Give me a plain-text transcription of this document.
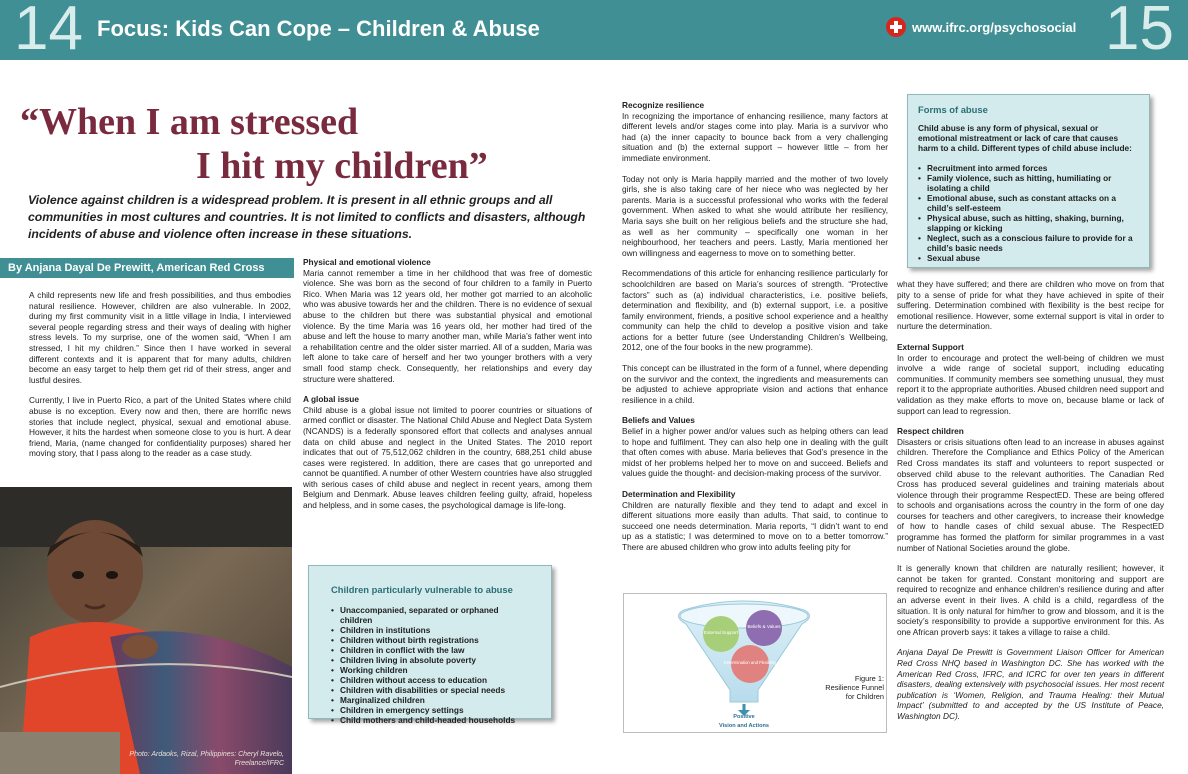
14 Focus: Kids Can Cope – Children & Abuse	www.ifrc.org/psychosocial 15
“When I am stressed
I hit my children”

Violence against children is a widespread problem. It is present in all ethnic groups and all communities in most cultures and countries. It is not limited to conflicts and disasters, although incidents of abuse and violence often increase in these situations.

By Anjana Dayal De Prewitt, American Red Cross

A child represents new life and fresh possibilities, and thus embodies natural resilience. However, children are also vulnerable. In 2002, during my first community visit in a little village in India, I interviewed several people regarding stress and their ways of dealing with higher stress levels. To my surprise, one of the women said, “When I am stressed, I hit my children.” Since then I have worked in several different contexts and it is apparent that for many adults, children become an easy target to help them get rid of their stress, anger and lustful desires.

Currently, I live in Puerto Rico, a part of the United States where child abuse is no exception. Every now and then, there are horrific news stories that include neglect, physical, sexual and emotional abuse. However, it hits the hardest when someone close to you is hurt. A dear friend, Maria, (name changed for confidentiality purposes) shared her moving story, that I pass along to the reader as a case study.

Photo: Ardaoks, Rizal, Philippines: Cheryl Ravelo,
Freelance/IFRC

Physical and emotional violence
Maria cannot remember a time in her childhood that was free of domestic violence. She was born as the second of four children to a family in Puerto Rico. When Maria was 12 years old, her mother got married to an alcoholic who was abusive towards her and the children. There is no evidence of sexual abuse to the children but there was substantial physical and emotional violence. By the time Maria was 16 years old, her mother had tired of the abuse and left the house to marry another man, while Maria’s father went into a rehabilitation centre and the older sister married. All of a sudden, Maria was left alone to take care of herself and her two younger brothers with a very small food stamp check. Consequently, her relationships and every day structure were shattered.

A global issue
Child abuse is a global issue not limited to poorer countries or situations of armed conflict or disaster. The National Child Abuse and Neglect Data System (NCANDS) is a federally sponsored effort that collects and analyses annual data on child abuse and neglect in the United States. The 2010 report indicates that out of 75,512,062 children in the country, 688,251 child abuse cases were registered. In addition, there are cases that go unreported and cannot be quantified. A number of other Western countries have also struggled with serious cases of child abuse and neglect in recent years, among them Belgium and Denmark. Abuse leaves children feeling guilty, afraid, hopeless and helpless, and in some cases, the psychological damage is life-long.

Children particularly vulnerable to abuse
• Unaccompanied, separated or orphaned children
• Children in institutions
• Children without birth registrations
• Children in conflict with the law
• Children living in absolute poverty
• Working children
• Children without access to education
• Children with disabilities or special needs
• Marginalized children
• Children in emergency settings
• Child mothers and child-headed households

Recognize resilience
In recognizing the importance of enhancing resilience, many factors at different levels and/or stages come into play. Maria is a survivor who had (a) the inner capacity to bounce back from a very challenging situation and (b) the external support – however little – from her immediate environment.

Today not only is Maria happily married and the mother of two lovely girls, she is also taking care of her niece who was neglected by her parents. Maria is a successful professional who works with the federal government. When asked to what she would attribute her resiliency, Maria says she built on her religious beliefs and the structure she had, as well as her community – specifically one woman in her neighbourhood, her teachers and peers. Lastly, Maria mentioned her own willingness and eagerness to move on to something better.

Recommendations of this article for enhancing resilience particularly for schoolchildren are based on Maria’s sources of strength. “Protective factors” such as (a) individual characteristics, i.e. positive beliefs, determination and flexibility, and (b) external support, i.e. a positive family environment, friends, a positive school experience and a healthy community can help the child to develop a positive vision and take actions for a better future (see Understanding Children’s Wellbeing, 2012, one of the four books in the new programme).

This concept can be illustrated in the form of a funnel, where depending on the survivor and the context, the ingredients and measurements can be adjusted to achieve appropriate vision and actions that enhance resilience in a child.

Beliefs and Values
Belief in a higher power and/or values such as helping others can lead to hope and fulfilment. They can also help one in dealing with the guilt that often comes with abuse. Maria believes that God’s presence in the midst of her problems helped her to move on and succeed. Beliefs and values guide the thought- and decision-making process of the survivor.

Determination and Flexibility
Children are naturally flexible and they tend to adapt and excel in different situations more easily than adults. That said, to continue to succeed one needs determination. Maria reports, “I didn’t want to end up as a statistic; I was determined to move on to a better tomorrow.” There are abused children who grow into adults feeling pity for

External Support
Beliefs & Values
Determination and Flexibility
Positive
Vision and Actions
Figure 1:
Resilience Funnel
for Children
Forms of abuse
Child abuse is any form of physical, sexual or emotional mistreatment or lack of care that causes harm to a child. Different types of child abuse include:
• Recruitment into armed forces
• Family violence, such as hitting, humiliating or isolating a child
• Emotional abuse, such as constant attacks on a child’s self-esteem
• Physical abuse, such as hitting, shaking, burning, slapping or kicking
• Neglect, such as a conscious failure to provide for a child’s basic needs
• Sexual abuse

what they have suffered; and there are children who move on from that pity to a sense of pride for what they have achieved in spite of their suffering. Determination combined with flexibility is the best recipe for emotional resilience. However, some external support is vital in order to nurture the determination.

External Support
In order to encourage and protect the well-being of children we must involve a wide range of societal support, including educating communities. If community members see something unusual, they must report it to the appropriate authorities. Abused children need support and validation as they make efforts to move on, because blame or lack of support can lead to regression.

Respect children
Disasters or crisis situations often lead to an increase in abuses against children. Therefore the Compliance and Ethics Policy of the American Red Cross mandates its staff and volunteers to report suspected or observed child abuse to the relevant authorities. The Canadian Red Cross has produced several guidelines and training materials about violence through their programme RespectED. These are being offered to schools and organisations across the country in the form of one day courses for teachers and other caregivers, to increase their knowledge of how to handle cases of child sexual abuse. The RespectED programme has formed the platform for similar programmes in a vast number of National Societies around the globe.

It is generally known that children are naturally resilient; however, it cannot be taken for granted. Constant monitoring and support are required to recognize and enhance children’s resilience during and after an adverse event in their lives. A child is a child, regardless of the situation. It is only natural for him/her to grow and blossom, and it is the society’s responsibility to provide a supportive environment for this. As one African proverb says: it takes a village to raise a child.

Anjana Dayal De Prewitt is Government Liaison Officer for American Red Cross NHQ based in Washington DC. She has worked with the American Red Cross, IFRC, and ICRC for over ten years in different disasters, dealing extensively with psychosocial issues. Her most recent publication is ‘Women, Religion, and Trauma Healing: their Mutual Impact’ (submitted to and accepted by the US Institute of Peace, Washington DC).
